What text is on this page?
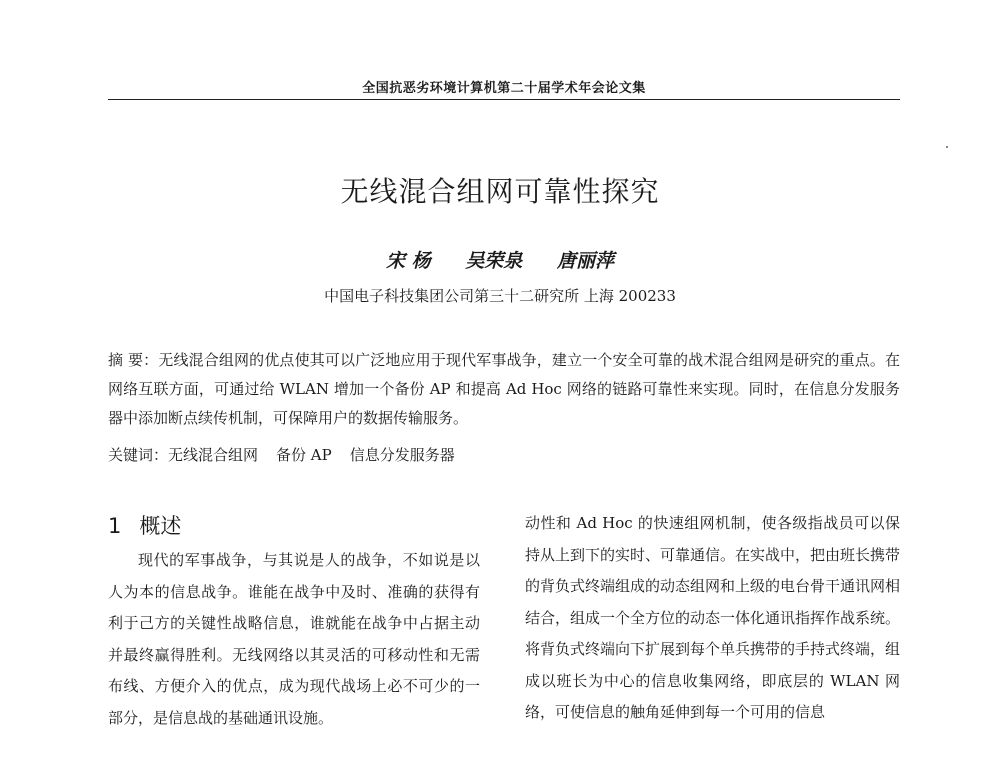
全国抗恶劣环境计算机第二十届学术年会论文集
无线混合组网可靠性探究
宋 杨 吴荣泉 唐丽萍
中国电子科技集团公司第三十二研究所 上海 200233
摘 要：无线混合组网的优点使其可以广泛地应用于现代军事战争，建立一个安全可靠的战术混合组网是研究的重点。在网络互联方面，可通过给 WLAN 增加一个备份 AP 和提高 Ad Hoc 网络的链路可靠性来实现。同时，在信息分发服务器中添加断点续传机制，可保障用户的数据传输服务。
关键词：无线混合组网 备份 AP 信息分发服务器
1 概述

现代的军事战争，与其说是人的战争，不如说是以人为本的信息战争。谁能在战争中及时、准确的获得有利于己方的关键性战略信息，谁就能在战争中占据主动并最终赢得胜利。无线网络以其灵活的可移动性和无需布线、方便介入的优点，成为现代战场上必不可少的一部分，是信息战的基础通讯设施。

动性和 Ad Hoc 的快速组网机制，使各级指战员可以保持从上到下的实时、可靠通信。在实战中，把由班长携带的背负式终端组成的动态组网和上级的电台骨干通讯网相结合，组成一个全方位的动态一体化通讯指挥作战系统。将背负式终端向下扩展到每个单兵携带的手持式终端，组成以班长为中心的信息收集网络，即底层的 WLAN 网络，可使信息的触角延伸到每一个可用的信息
